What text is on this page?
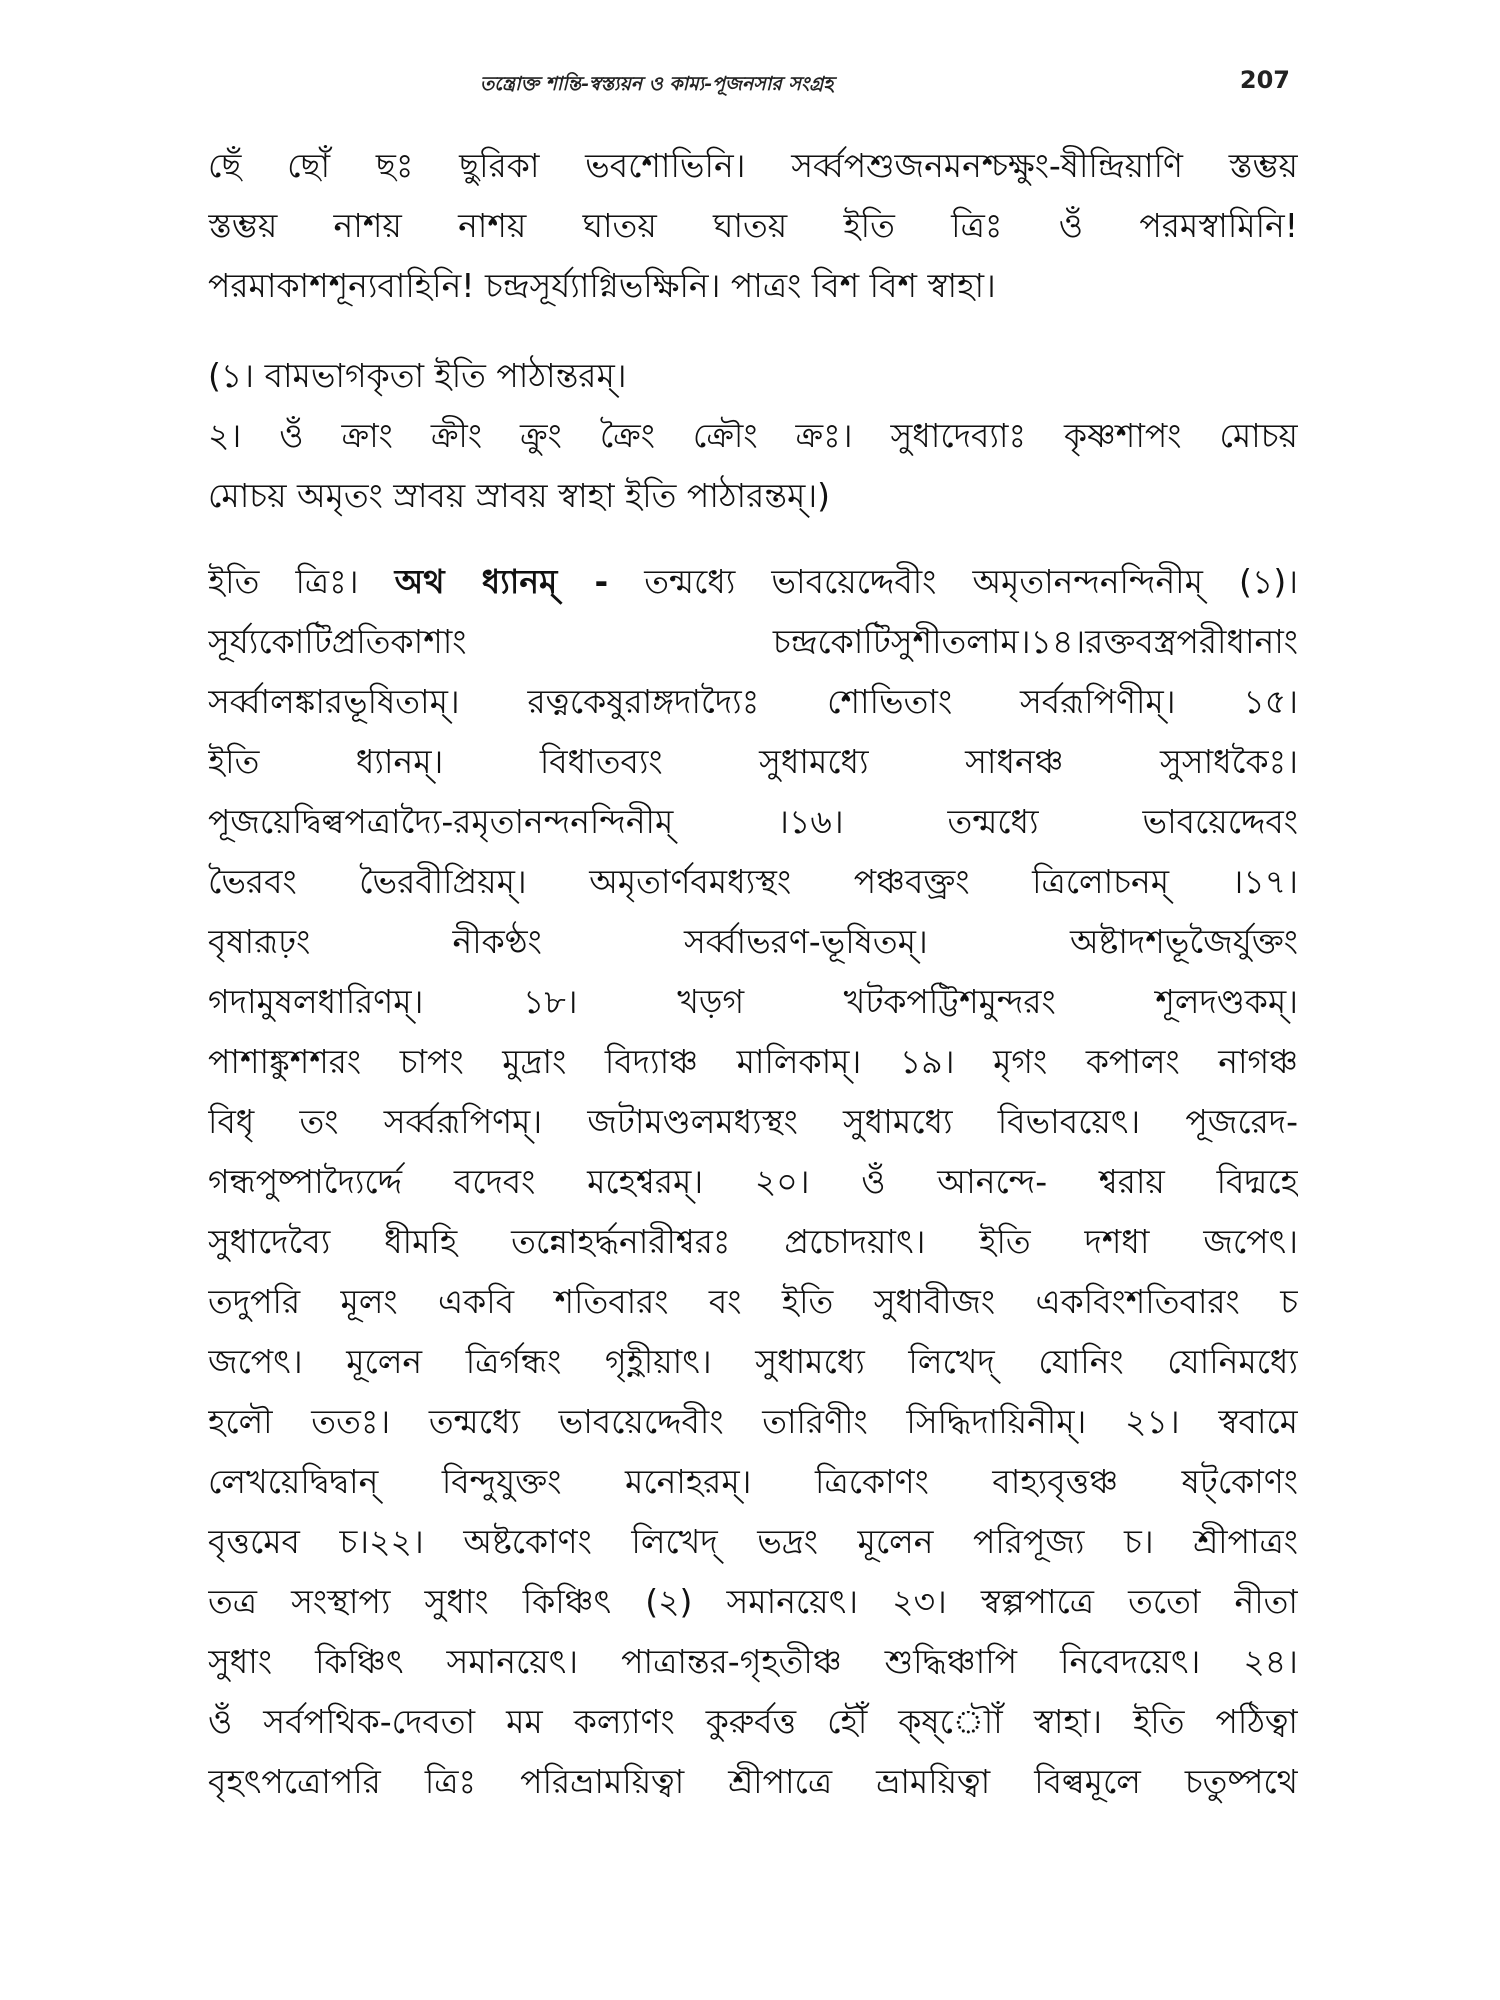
তন্ত্রোক্ত শান্তি-স্বস্ত্যয়ন ও কাম্য-পূজনসার সংগ্রহ	207
ছেঁ ছোঁ ছঃ ছুরিকা ভবশোভিনি। সর্ব্বপশুজনমনশ্চক্ষুং-ষীন্দ্রিয়াণি স্তম্ভয়
স্তম্ভয় নাশয় নাশয় ঘাতয় ঘাতয় ইতি ত্রিঃ ওঁ পরমস্বামিনি!
পরমাকাশশূন্যবাহিনি! চন্দ্রসূর্য্যাগ্নিভক্ষিনি। পাত্রং বিশ বিশ স্বাহা।
(১। বামভাগকৃতা ইতি পাঠান্তরম্।
২। ওঁ ক্রাং ক্রীং ক্রুং ক্রৈং ক্রৌং ক্রঃ। সুধাদেব্যাঃ কৃষ্ণশাপং মোচয়
মোচয় অমৃতং স্রাবয় স্রাবয় স্বাহা ইতি পাঠারন্তম্।)
ইতি ত্রিঃ। অথ ধ্যানম্ - তন্মধ্যে ভাবয়েদ্দেবীং অমৃতানন্দনন্দিনীম্ (১)।
সূর্য্যকোটিপ্রতিকাশাং চন্দ্রকোটিসুশীতলাম।১৪।রক্তবস্ত্রপরীধানাং
সর্ব্বালঙ্কারভূষিতাম্। রত্নকেষুরাঙ্গদাদ্যৈঃ শোভিতাং সর্বরূপিণীম্। ১৫।
ইতি ধ্যানম্। বিধাতব্যং সুধামধ্যে সাধনঞ্চ সুসাধকৈঃ।
পূজয়েদ্বিল্বপত্রাদ্যৈ-রমৃতানন্দনন্দিনীম্ ।১৬। তন্মধ্যে ভাবয়েদ্দেবং
ভৈরবং ভৈরবীপ্রিয়ম্। অমৃতার্ণবমধ্যস্থং পঞ্চবক্ত্রং ত্রিলোচনম্ ।১৭।
বৃষারূঢ়ং নীকণ্ঠং সর্ব্বাভরণ-ভূষিতম্। অষ্টাদশভূজৈর্যুক্তং
গদামুষলধারিণম্। ১৮। খড়গ খটকপট্টিশমুন্দরং শূলদণ্ডকম্।
পাশাঙ্কুশশরং চাপং মুদ্রাং বিদ্যাঞ্চ মালিকাম্। ১৯। মৃগং কপালং নাগঞ্চ
বিধৃ তং সর্ব্বরূপিণম্। জটামণ্ডলমধ্যস্থং সুধামধ্যে বিভাবয়েৎ। পূজরেদ-
গন্ধপুষ্পাদ্যৈর্দ্দে বদেবং মহেশ্বরম্। ২০। ওঁ আনন্দে- শ্বরায় বিদ্মহে
সুধাদেব্যৈ ধীমহি তন্নোহর্দ্ধনারীশ্বরঃ প্রচোদয়াৎ। ইতি দশধা জপেৎ।
তদুপরি মূলং একবি শতিবারং বং ইতি সুধাবীজং একবিংশতিবারং চ
জপেৎ। মূলেন ত্রির্গন্ধং গৃহ্ণীয়াৎ। সুধামধ্যে লিখেদ্ যোনিং যোনিমধ্যে
হলৌ ততঃ। তন্মধ্যে ভাবয়েদ্দেবীং তারিণীং সিদ্ধিদায়িনীম্। ২১। স্ববামে
লেখয়েদ্বিদ্বান্ বিন্দুযুক্তং মনোহরম্। ত্রিকোণং বাহ্যবৃত্তঞ্চ ষট্‌কোণং
বৃত্তমেব চ।২২। অষ্টকোণং লিখেদ্ ভদ্রং মূলেন পরিপূজ্য চ। শ্রীপাত্রং
তত্র সংস্থাপ্য সুধাং কিঞ্চিৎ (২) সমানয়েৎ। ২৩। স্বল্পপাত্রে ততো নীতা
সুধাং কিঞ্চিৎ সমানয়েৎ। পাত্রান্তর-গৃহতীঞ্চ শুদ্ধিঞ্চাপি নিবেদয়েৎ। ২৪।
ওঁ সর্বপথিক-দেবতা মম কল্যাণং কুরুর্বত্ত হৌঁ ক্ষ্ৗোঁ স্বাহা। ইতি পঠিত্বা
বৃহৎপত্রোপরি ত্রিঃ পরিভ্রাময়িত্বা শ্রীপাত্রে ভ্রাময়িত্বা বিল্বমূলে চতুষ্পথে
